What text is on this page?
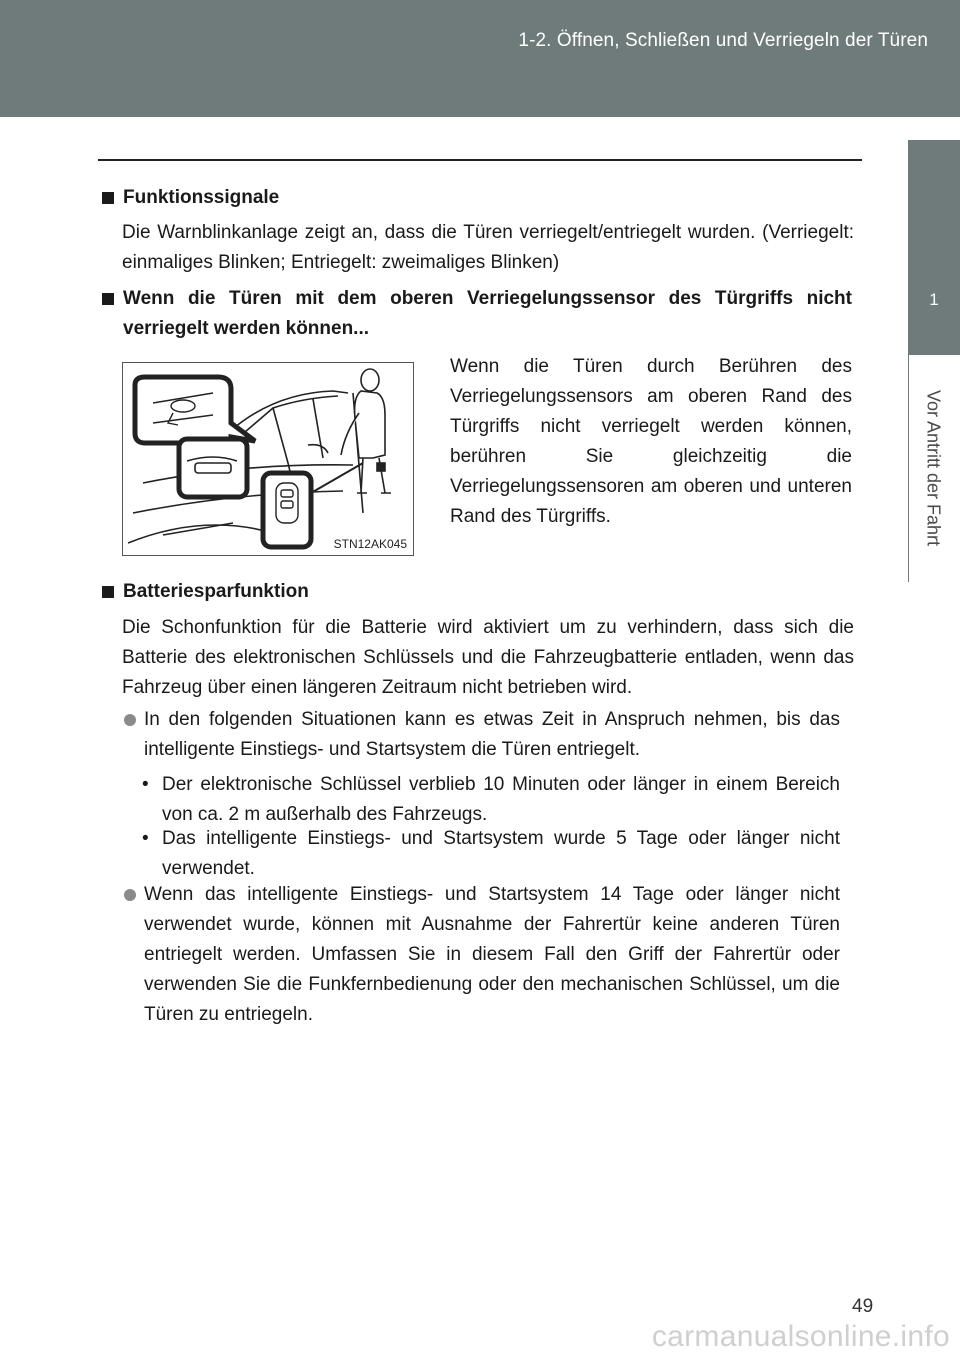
1-2. Öffnen, Schließen und Verriegeln der Türen
1
Vor Antritt der Fahrt
Funktionssignale

Die Warnblinkanlage zeigt an, dass die Türen verriegelt/entriegelt wurden. (Verriegelt: einmaliges Blinken; Entriegelt: zweimaliges Blinken)

Wenn die Türen mit dem oberen Verriegelungssensor des Türgriffs nicht verriegelt werden können...
STN12AK045

Wenn die Türen durch Berühren des Verriegelungssensors am oberen Rand des Türgriffs nicht verriegelt werden können, berühren Sie gleichzeitig die Verriegelungssensoren am oberen und unteren Rand des Türgriffs.

Batteriesparfunktion

Die Schonfunktion für die Batterie wird aktiviert um zu verhindern, dass sich die Batterie des elektronischen Schlüssels und die Fahrzeugbatterie entladen, wenn das Fahrzeug über einen längeren Zeitraum nicht betrieben wird.

In den folgenden Situationen kann es etwas Zeit in Anspruch nehmen, bis das intelligente Einstiegs- und Startsystem die Türen entriegelt.
• Der elektronische Schlüssel verblieb 10 Minuten oder länger in einem Bereich von ca. 2 m außerhalb des Fahrzeugs.
• Das intelligente Einstiegs- und Startsystem wurde 5 Tage oder länger nicht verwendet.
Wenn das intelligente Einstiegs- und Startsystem 14 Tage oder länger nicht verwendet wurde, können mit Ausnahme der Fahrertür keine anderen Türen entriegelt werden. Umfassen Sie in diesem Fall den Griff der Fahrertür oder verwenden Sie die Funkfernbedienung oder den mechanischen Schlüssel, um die Türen zu entriegeln.
49
carmanualsonline.info
